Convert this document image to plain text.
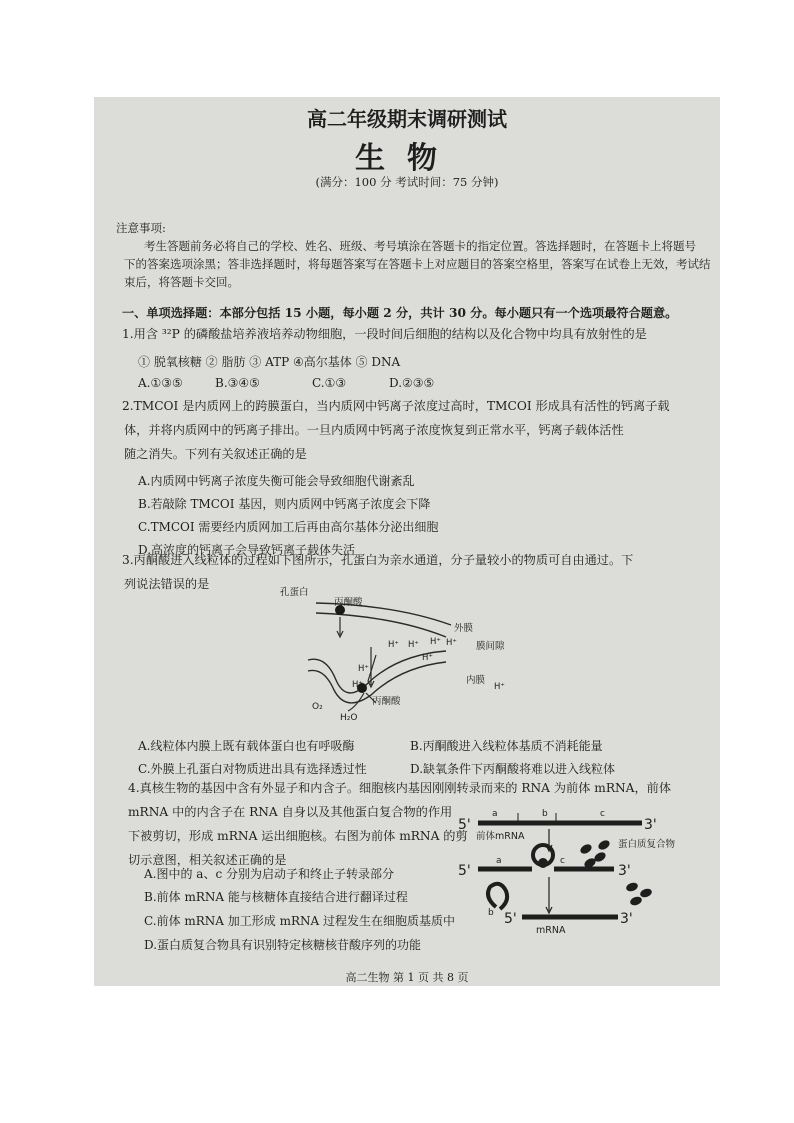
高二年级期末调研测试
生物
(满分：100 分 考试时间：75 分钟)
注意事项:
考生答题前务必将自己的学校、姓名、班级、考号填涂在答题卡的指定位置。答选择题时，在答题卡上将题号
下的答案选项涂黑；答非选择题时，将每题答案写在答题卡上对应题目的答案空格里，答案写在试卷上无效，考试结
束后，将答题卡交回。
一、单项选择题：本部分包括 15 小题，每小题 2 分，共计 30 分。每小题只有一个选项最符合题意。
1.用含 ³²P 的磷酸盐培养液培养动物细胞，一段时间后细胞的结构以及化合物中均具有放射性的是
① 脱氧核糖 ② 脂肪 ③ ATP ④高尔基体 ⑤ DNA
A.①③⑤	B.③④⑤	C.①③	D.②③⑤
2.TMCOI 是内质网上的跨膜蛋白，当内质网中钙离子浓度过高时，TMCOI 形成具有活性的钙离子载
体，并将内质网中的钙离子排出。一旦内质网中钙离子浓度恢复到正常水平，钙离子载体活性
随之消失。下列有关叙述正确的是
A.内质网中钙离子浓度失衡可能会导致细胞代谢紊乱
B.若敲除 TMCOI 基因，则内质网中钙离子浓度会下降
C.TMCOI 需要经内质网加工后再由高尔基体分泌出细胞
D.高浓度的钙离子会导致钙离子载体失活
3.丙酮酸进入线粒体的过程如下图所示，孔蛋白为亲水通道，分子量较小的物质可自由通过。下
列说法错误的是
孔蛋白
丙酮酸
外膜
膜间隙
内膜
丙酮酸
H⁺ H⁺
H⁺	H⁺
H⁺
H⁺
H⁺	H⁺
O₂
H₂O
A.线粒体内膜上既有载体蛋白也有呼吸酶	B.丙酮酸进入线粒体基质不消耗能量
C.外膜上孔蛋白对物质进出具有选择透过性	D.缺氧条件下丙酮酸将难以进入线粒体
4.真核生物的基因中含有外显子和内含子。细胞核内基因刚刚转录而来的 RNA 为前体 mRNA，前体
mRNA 中的内含子在 RNA 自身以及其他蛋白复合物的作用
下被剪切，形成 mRNA 运出细胞核。右图为前体 mRNA 的剪
切示意图，相关叙述正确的是
A.图中的 a、c 分别为启动子和终止子转录部分
B.前体 mRNA 能与核糖体直接结合进行翻译过程
C.前体 mRNA 加工形成 mRNA 过程发生在细胞质基质中
D.蛋白质复合物具有识别特定核糖核苷酸序列的功能
5'
a	b	c
3'
前体mRNA
蛋白质复合物
5'
a	c
3'
b 5'	3'
mRNA
高二生物 第 1 页 共 8 页
